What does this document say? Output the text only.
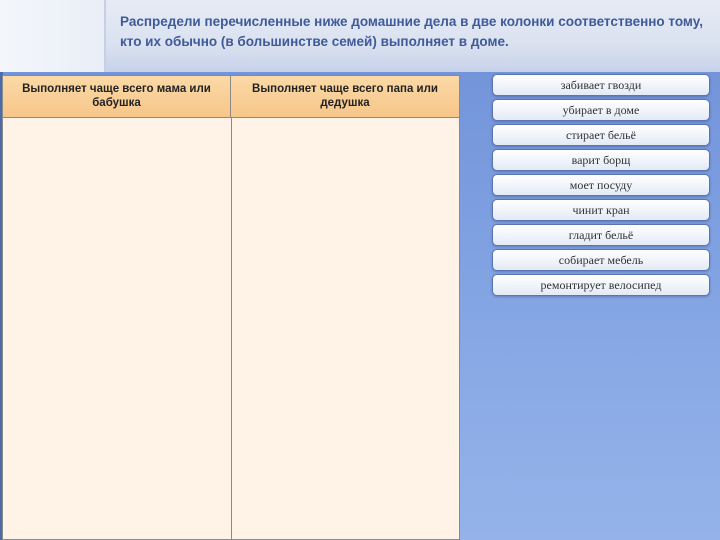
Распредели перечисленные ниже домашние дела в две колонки соответственно тому, кто их обычно (в большинстве семей) выполняет в доме.
Выполняет чаще всего мама или бабушка
Выполняет чаще всего папа или дедушка
забивает гвозди
убирает в доме
стирает бельё
варит борщ
моет посуду
чинит кран
гладит бельё
собирает мебель
ремонтирует велосипед
